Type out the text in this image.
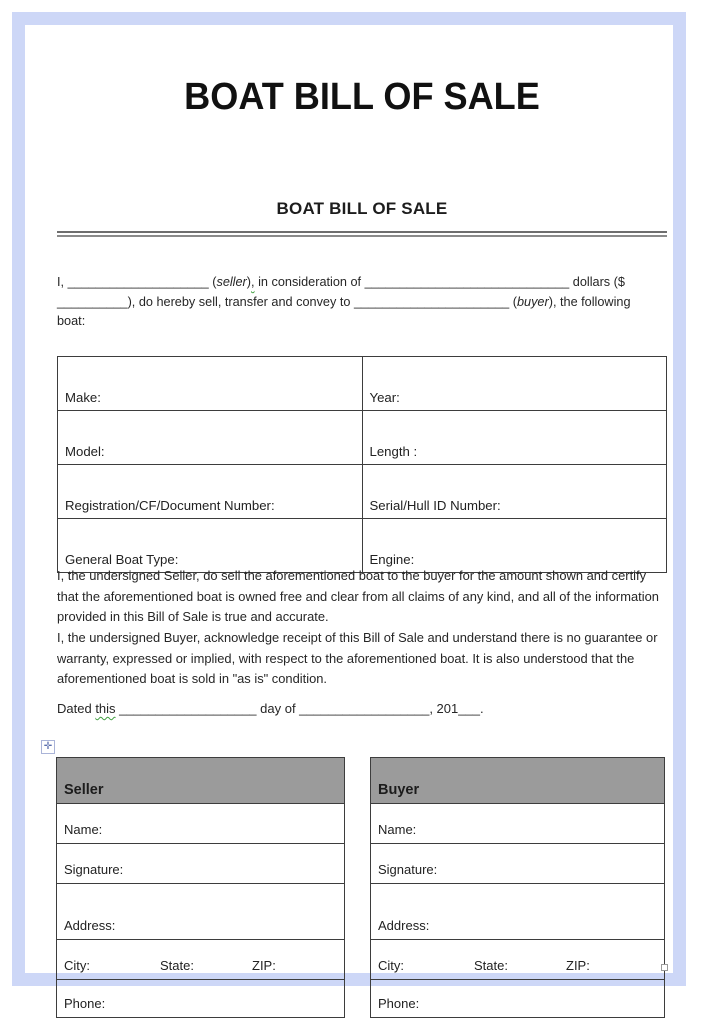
BOAT BILL OF SALE
BOAT BILL OF SALE
I, ____________________ (seller), in consideration of _____________________________ dollars ($
__________), do hereby sell, transfer and convey to ______________________ (buyer), the following
boat:
Make:	Year:
Model:	Length :
Registration/CF/Document Number:	Serial/Hull ID Number:
General Boat Type:	Engine:
I, the undersigned Seller, do sell the aforementioned boat to the buyer for the amount shown and certify that the aforementioned boat is owned free and clear from all claims of any kind, and all of the information provided in this Bill of Sale is true and accurate.
I, the undersigned Buyer, acknowledge receipt of this Bill of Sale and understand there is no guarantee or warranty, expressed or implied, with respect to the aforementioned boat. It is also understood that the aforementioned boat is sold in "as is" condition.
Dated this ___________________ day of __________________, 201___.
✛
Seller
Name:
Signature:
Address:

City:	State:	ZIP:

Phone:
Buyer
Name:
Signature:
Address:

City:	State:	ZIP:

Phone:
